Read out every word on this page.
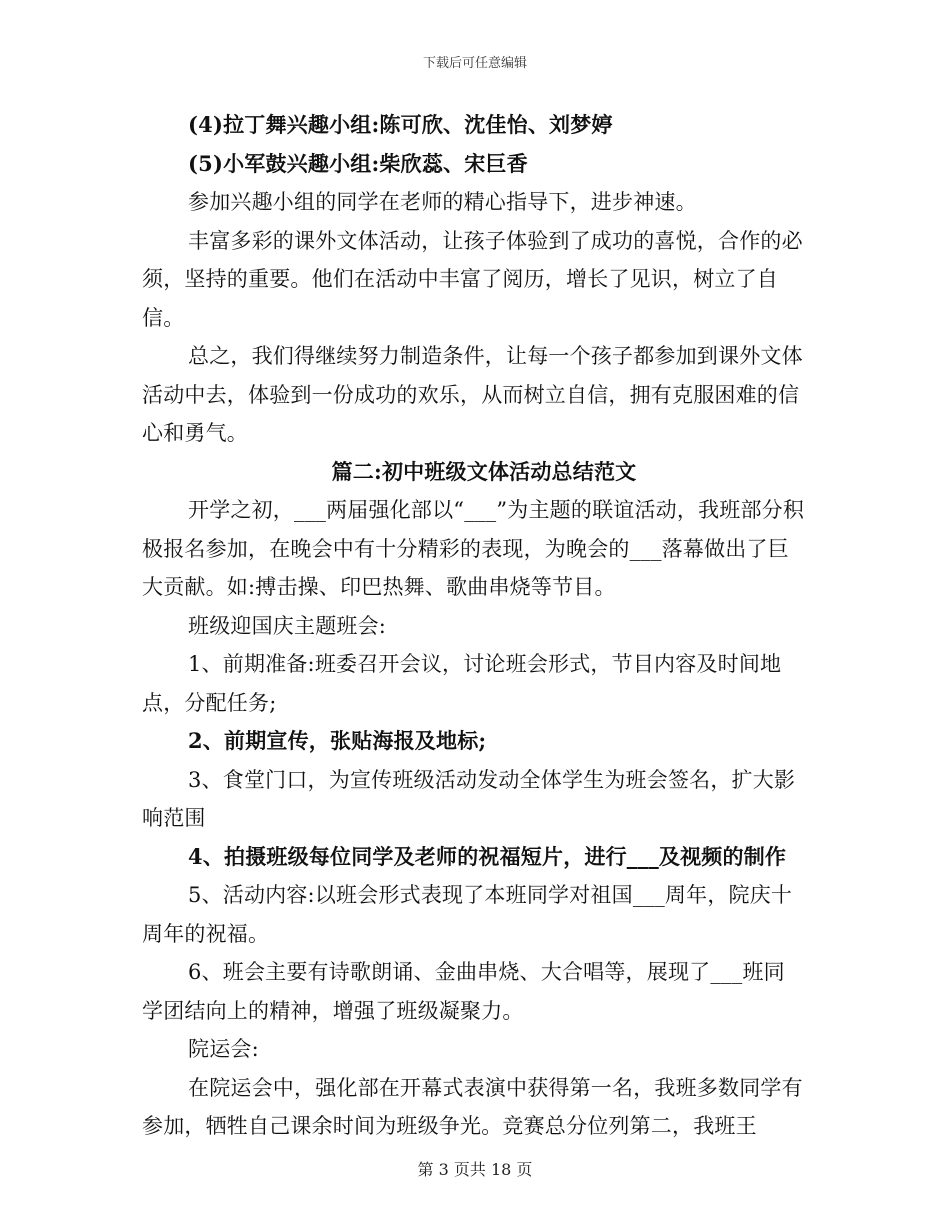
下载后可任意编辑

(4)拉丁舞兴趣小组:陈可欣、沈佳怡、刘梦婷

(5)小军鼓兴趣小组:柴欣蕊、宋巨香

参加兴趣小组的同学在老师的精心指导下，进步神速。

丰富多彩的课外文体活动，让孩子体验到了成功的喜悦，合作的必须，坚持的重要。他们在活动中丰富了阅历，增长了见识，树立了自信。

总之，我们得继续努力制造条件，让每一个孩子都参加到课外文体活动中去，体验到一份成功的欢乐，从而树立自信，拥有克服困难的信心和勇气。

篇二:初中班级文体活动总结范文

开学之初，___两届强化部以“___”为主题的联谊活动，我班部分积极报名参加，在晚会中有十分精彩的表现，为晚会的___落幕做出了巨大贡献。如:搏击操、印巴热舞、歌曲串烧等节目。

班级迎国庆主题班会:

1、前期准备:班委召开会议，讨论班会形式，节目内容及时间地点，分配任务;

2、前期宣传，张贴海报及地标;

3、食堂门口，为宣传班级活动发动全体学生为班会签名，扩大影响范围

4、拍摄班级每位同学及老师的祝福短片，进行___及视频的制作

5、活动内容:以班会形式表现了本班同学对祖国___周年，院庆十周年的祝福。

6、班会主要有诗歌朗诵、金曲串烧、大合唱等，展现了___班同学团结向上的精神，增强了班级凝聚力。

院运会:

在院运会中，强化部在开幕式表演中获得第一名，我班多数同学有参加，牺牲自己课余时间为班级争光。竞赛总分位列第二，我班王

第 3 页共 18 页
